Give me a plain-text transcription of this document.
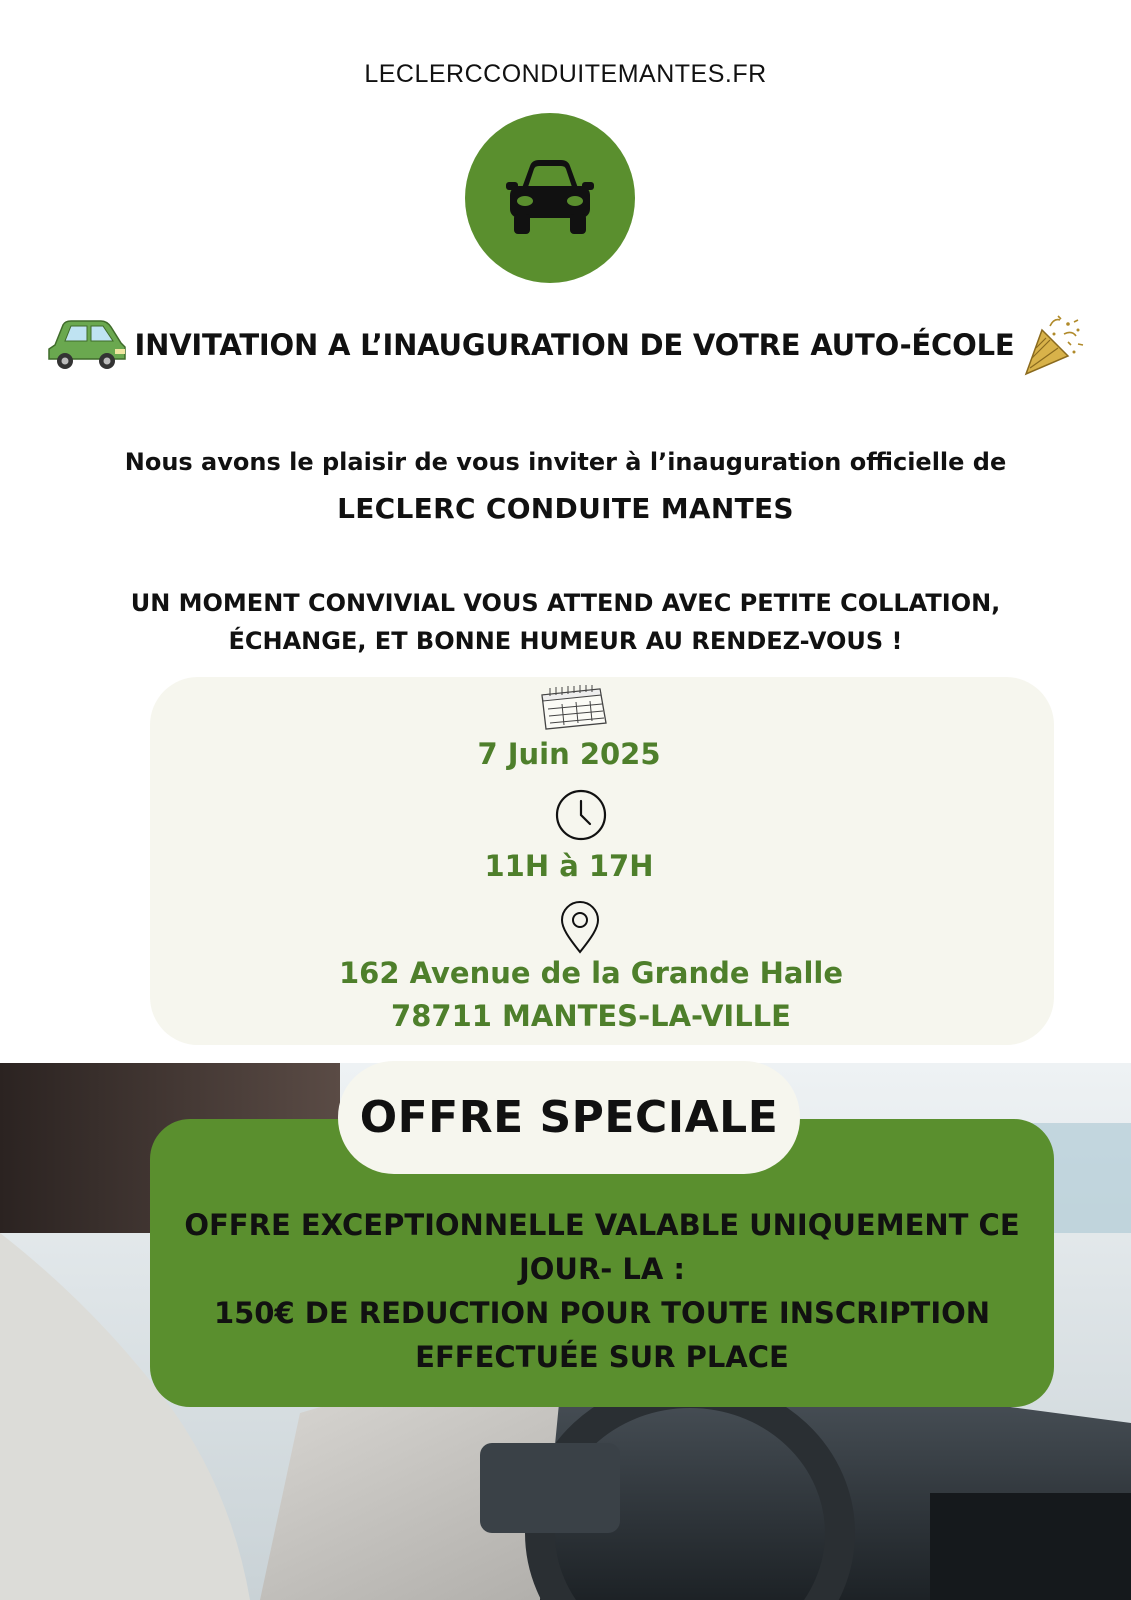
LECLERCCONDUITEMANTES.FR
INVITATION A L’INAUGURATION DE VOTRE AUTO-ÉCOLE
Nous avons le plaisir de vous inviter à l’inauguration officielle de
LECLERC CONDUITE MANTES
UN MOMENT CONVIVIAL VOUS ATTEND AVEC PETITE COLLATION,
ÉCHANGE, ET BONNE HUMEUR AU RENDEZ-VOUS !
7 Juin 2025
11H à 17H
162 Avenue de la Grande Halle
78711 MANTES-LA-VILLE
OFFRE SPECIALE
OFFRE EXCEPTIONNELLE VALABLE UNIQUEMENT CE
JOUR- LA :
150€ DE REDUCTION POUR TOUTE INSCRIPTION
EFFECTUÉE SUR PLACE
